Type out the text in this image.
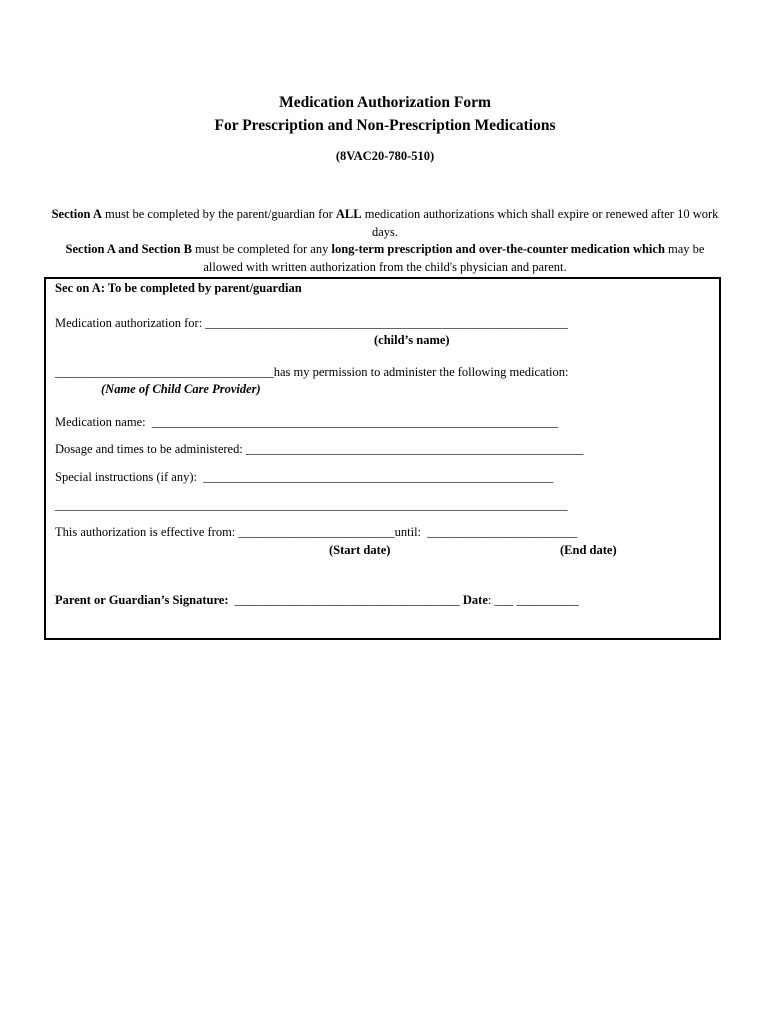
Medication Authorization Form
For Prescription and Non-Prescription Medications
(8VAC20-780-510)
Section A must be completed by the parent/guardian for ALL medication authorizations which shall expire or renewed after 10 work days.
Section A and Section B must be completed for any long-term prescription and over-the-counter medication which may be allowed with written authorization from the child's physician and parent.
Sec on A: To be completed by parent/guardian
Medication authorization for: __________________________________________________________
(child’s name)
___________________________________has my permission to administer the following medication:
(Name of Child Care Provider)
Medication name:  _________________________________________________________________
Dosage and times to be administered: ______________________________________________________
Special instructions (if any):  ________________________________________________________
__________________________________________________________________________________
This authorization is effective from: _________________________until:  ________________________
(Start date)	(End date)
Parent or Guardian’s Signature:  ____________________________________ Date: ___ __________
